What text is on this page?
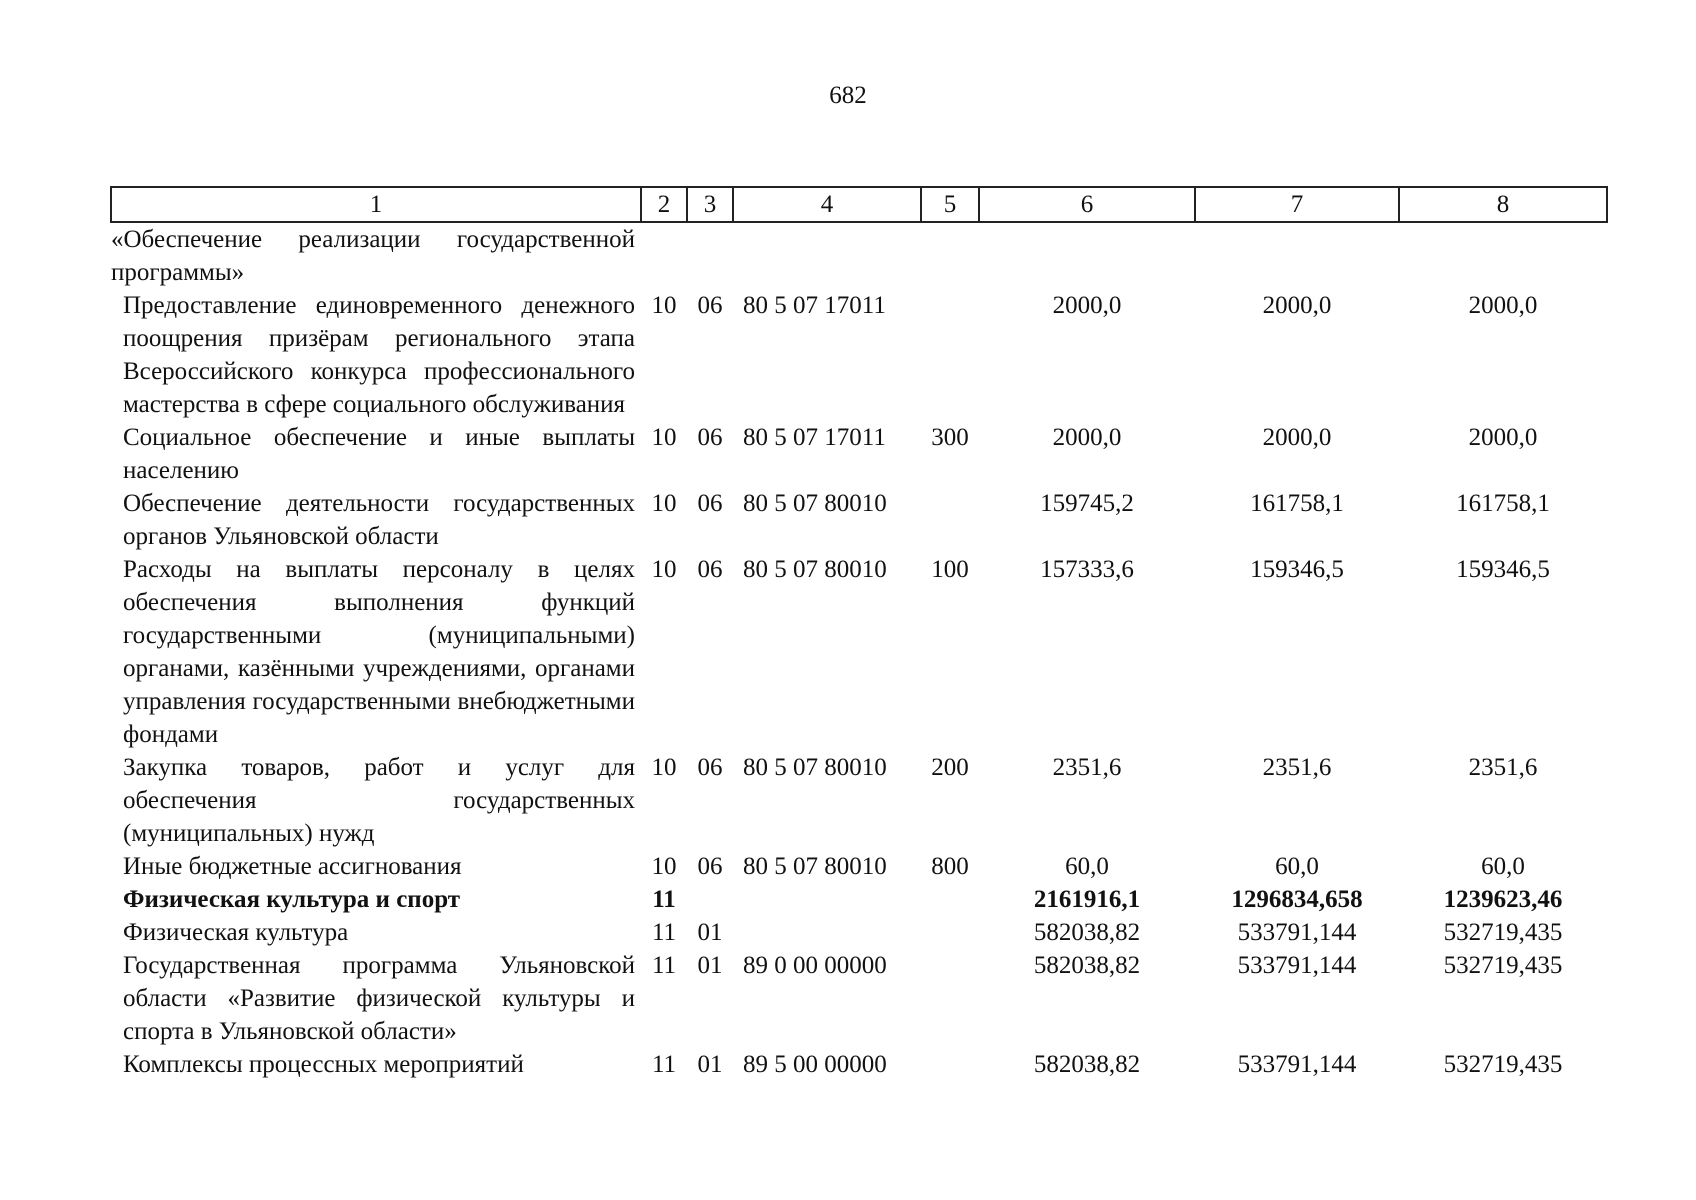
682
1	2	3	4	5	6	7	8
«Обеспечение реализации государственной программы»							
Предоставление единовременного денежного поощрения призёрам регионального этапа Всероссийского конкурса профессионального мастерства в сфере социального обслуживания	10	06	80 5 07 17011		2000,0	2000,0	2000,0
Социальное обеспечение и иные выплаты населению	10	06	80 5 07 17011	300	2000,0	2000,0	2000,0
Обеспечение деятельности государственных органов Ульяновской области	10	06	80 5 07 80010		159745,2	161758,1	161758,1
Расходы на выплаты персоналу в целях обеспечения выполнения функций государственными (муниципальными) органами, казёнными учреждениями, органами управления государственными внебюджетными фондами	10	06	80 5 07 80010	100	157333,6	159346,5	159346,5
Закупка товаров, работ и услуг для обеспечения государственных (муниципальных) нужд	10	06	80 5 07 80010	200	2351,6	2351,6	2351,6
Иные бюджетные ассигнования	10	06	80 5 07 80010	800	60,0	60,0	60,0
Физическая культура и спорт	11				2161916,1	1296834,658	1239623,46
Физическая культура	11	01			582038,82	533791,144	532719,435
Государственная программа Ульяновской области «Развитие физической культуры и спорта в Ульяновской области»	11	01	89 0 00 00000		582038,82	533791,144	532719,435
Комплексы процессных мероприятий	11	01	89 5 00 00000		582038,82	533791,144	532719,435
